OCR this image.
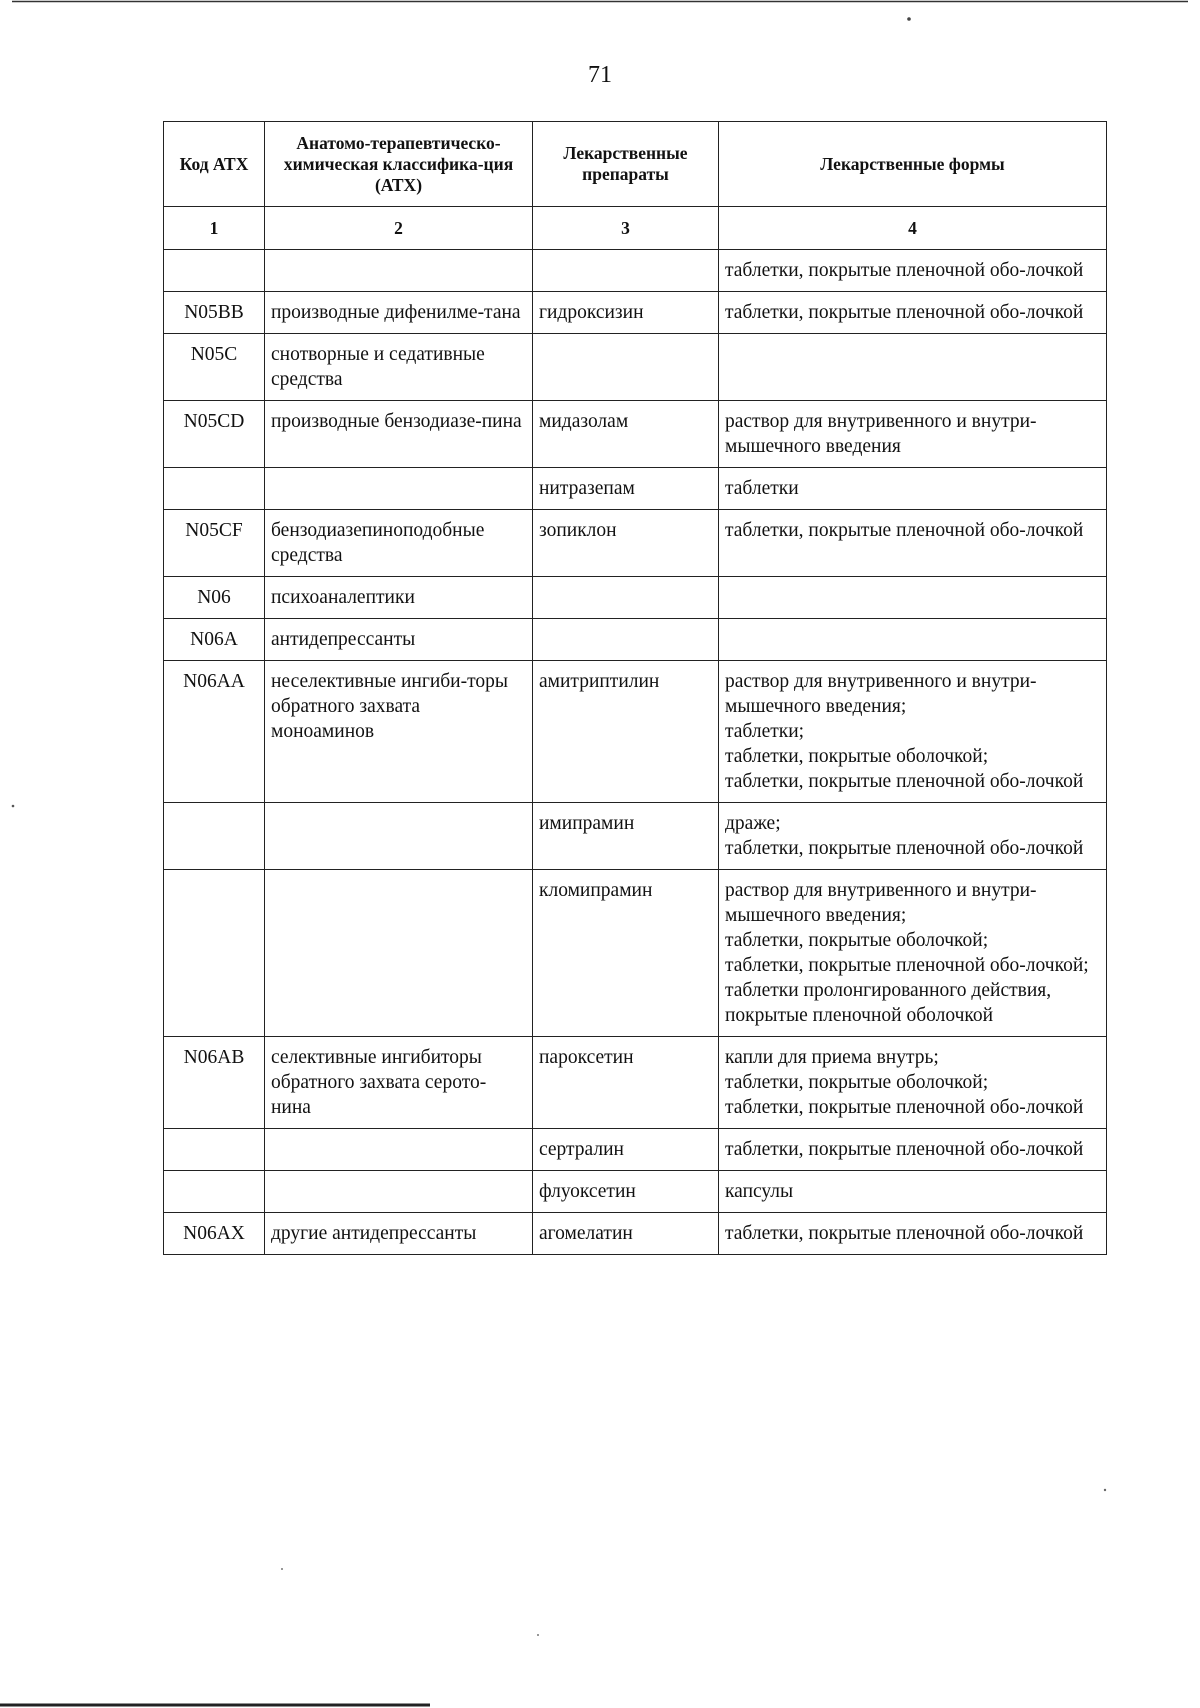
71
Код АТХ	Анатомо-терапевтическо-химическая классифика-ция (АТХ)	Лекарственные препараты	Лекарственные формы
1	2	3	4

			таблетки, покрытые пленочной обо-лочкой

N05BB	производные дифенилме-тана	гидроксизин	таблетки, покрытые пленочной обо-лочкой

N05C	снотворные и седативные средства		
N05CD	производные бензодиазе-пина	мидазолам	раствор для внутривенного и внутри-мышечного введения

		нитразепам	таблетки

N05CF	бензодиазепиноподобные средства	зопиклон	таблетки, покрытые пленочной обо-лочкой

N06	психоаналептики		
N06A	антидепрессанты		
N06AA	неселективные ингиби-торы обратного захвата моноаминов	амитриптилин	раствор для внутривенного и внутри-мышечного введения;
таблетки;
таблетки, покрытые оболочкой;
таблетки, покрытые пленочной обо-лочкой

		имипрамин	драже;
таблетки, покрытые пленочной обо-лочкой

		кломипрамин	раствор для внутривенного и внутри-мышечного введения;
таблетки, покрытые оболочкой;
таблетки, покрытые пленочной обо-лочкой;
таблетки пролонгированного действия, покрытые пленочной оболочкой

N06AB	селективные ингибиторы обратного захвата серото-нина	пароксетин	капли для приема внутрь;
таблетки, покрытые оболочкой;
таблетки, покрытые пленочной обо-лочкой

		сертралин	таблетки, покрытые пленочной обо-лочкой

		флуоксетин	капсулы

N06AX	другие антидепрессанты	агомелатин	таблетки, покрытые пленочной обо-лочкой
